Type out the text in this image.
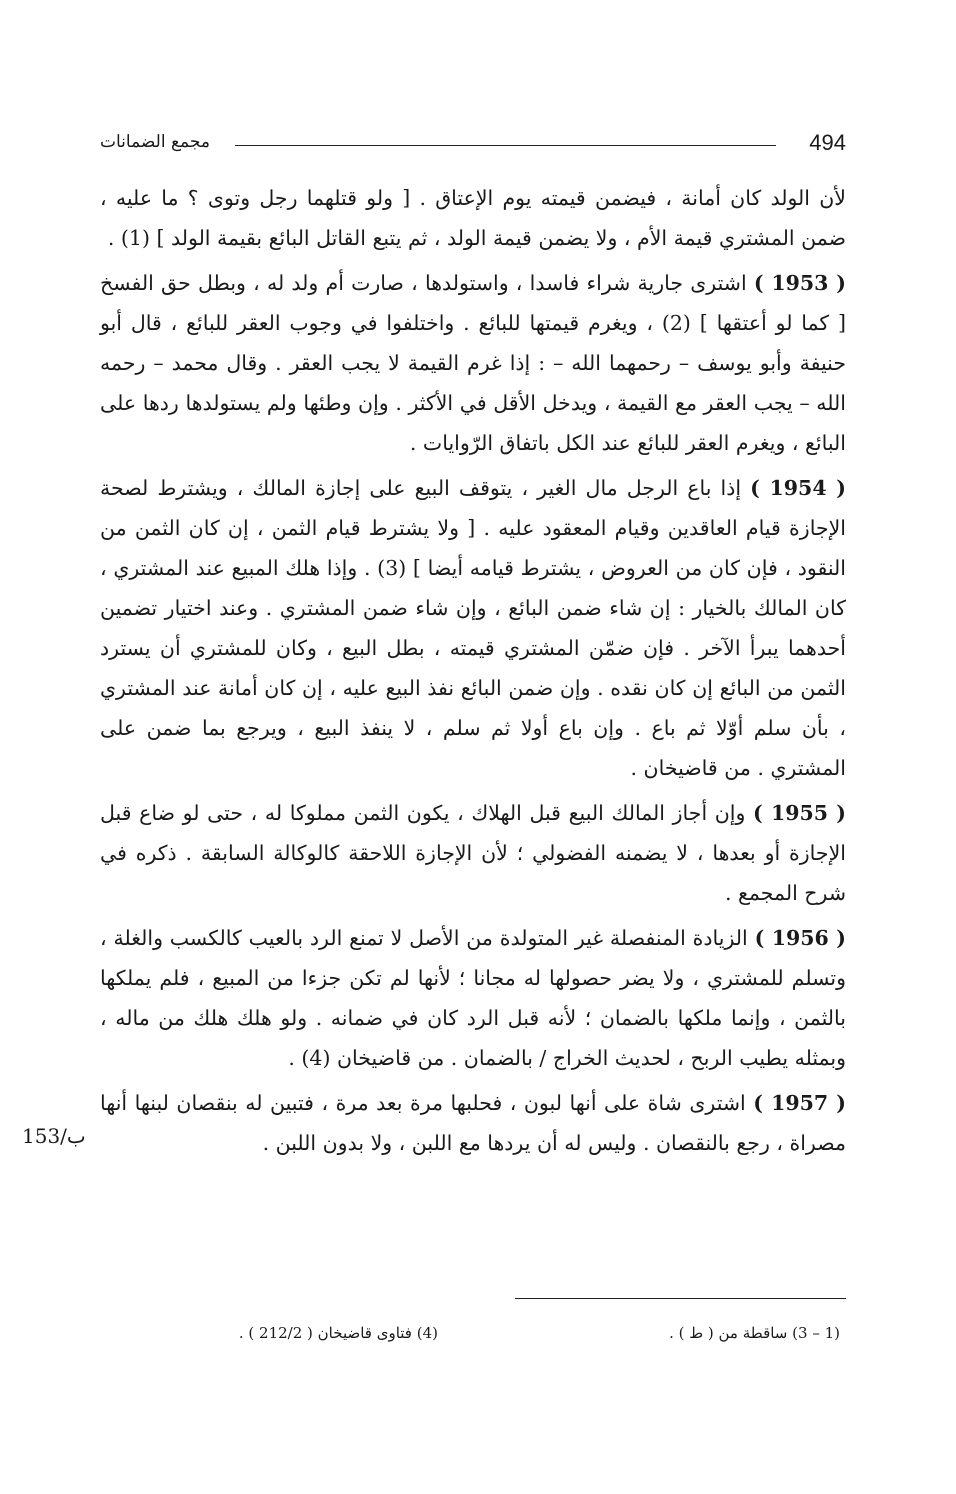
494
مجمع الضمانات

لأن الولد كان أمانة ، فيضمن قيمته يوم الإعتاق . [ ولو قتلهما رجل وتوى ؟ ما عليه ، ضمن المشتري قيمة الأم ، ولا يضمن قيمة الولد ، ثم يتبع القاتل البائع بقيمة الولد ] (1) .

( 1953 ) اشترى جارية شراء فاسدا ، واستولدها ، صارت أم ولد له ، وبطل حق الفسخ [ كما لو أعتقها ] (2) ، ويغرم قيمتها للبائع . واختلفوا في وجوب العقر للبائع ، قال أبو حنيفة وأبو يوسف – رحمهما الله – : إذا غرم القيمة لا يجب العقر . وقال محمد – رحمه الله – يجب العقر مع القيمة ، ويدخل الأقل في الأكثر . وإن وطئها ولم يستولدها ردها على البائع ، ويغرم العقر للبائع عند الكل باتفاق الرّوايات .

( 1954 ) إذا باع الرجل مال الغير ، يتوقف البيع على إجازة المالك ، ويشترط لصحة الإجازة قيام العاقدين وقيام المعقود عليه . [ ولا يشترط قيام الثمن ، إن كان الثمن من النقود ، فإن كان من العروض ، يشترط قيامه أيضا ] (3) . وإذا هلك المبيع عند المشتري ، كان المالك بالخيار : إن شاء ضمن البائع ، وإن شاء ضمن المشتري . وعند اختيار تضمين أحدهما يبرأ الآخر . فإن ضمّن المشتري قيمته ، بطل البيع ، وكان للمشتري أن يسترد الثمن من البائع إن كان نقده . وإن ضمن البائع نفذ البيع عليه ، إن كان أمانة عند المشتري ، بأن سلم أوّلا ثم باع . وإن باع أولا ثم سلم ، لا ينفذ البيع ، ويرجع بما ضمن على المشتري . من قاضيخان .

( 1955 ) وإن أجاز المالك البيع قبل الهلاك ، يكون الثمن مملوكا له ، حتى لو ضاع قبل الإجازة أو بعدها ، لا يضمنه الفضولي ؛ لأن الإجازة اللاحقة كالوكالة السابقة . ذكره في شرح المجمع .

( 1956 ) الزيادة المنفصلة غير المتولدة من الأصل لا تمنع الرد بالعيب كالكسب والغلة ، وتسلم للمشتري ، ولا يضر حصولها له مجانا ؛ لأنها لم تكن جزءا من المبيع ، فلم يملكها بالثمن ، وإنما ملكها بالضمان ؛ لأنه قبل الرد كان في ضمانه . ولو هلك هلك من ماله ، وبمثله يطيب الربح ، لحديث الخراج / بالضمان . من قاضيخان (4) .

( 1957 ) اشترى شاة على أنها لبون ، فحلبها مرة بعد مرة ، فتبين له بنقصان لبنها أنها مصراة ، رجع بالنقصان . وليس له أن يردها مع اللبن ، ولا بدون اللبن .

153/ب
(1 – 3) ساقطة من ( ط ) .
(4) فتاوى قاضيخان ( 212/2 ) .
